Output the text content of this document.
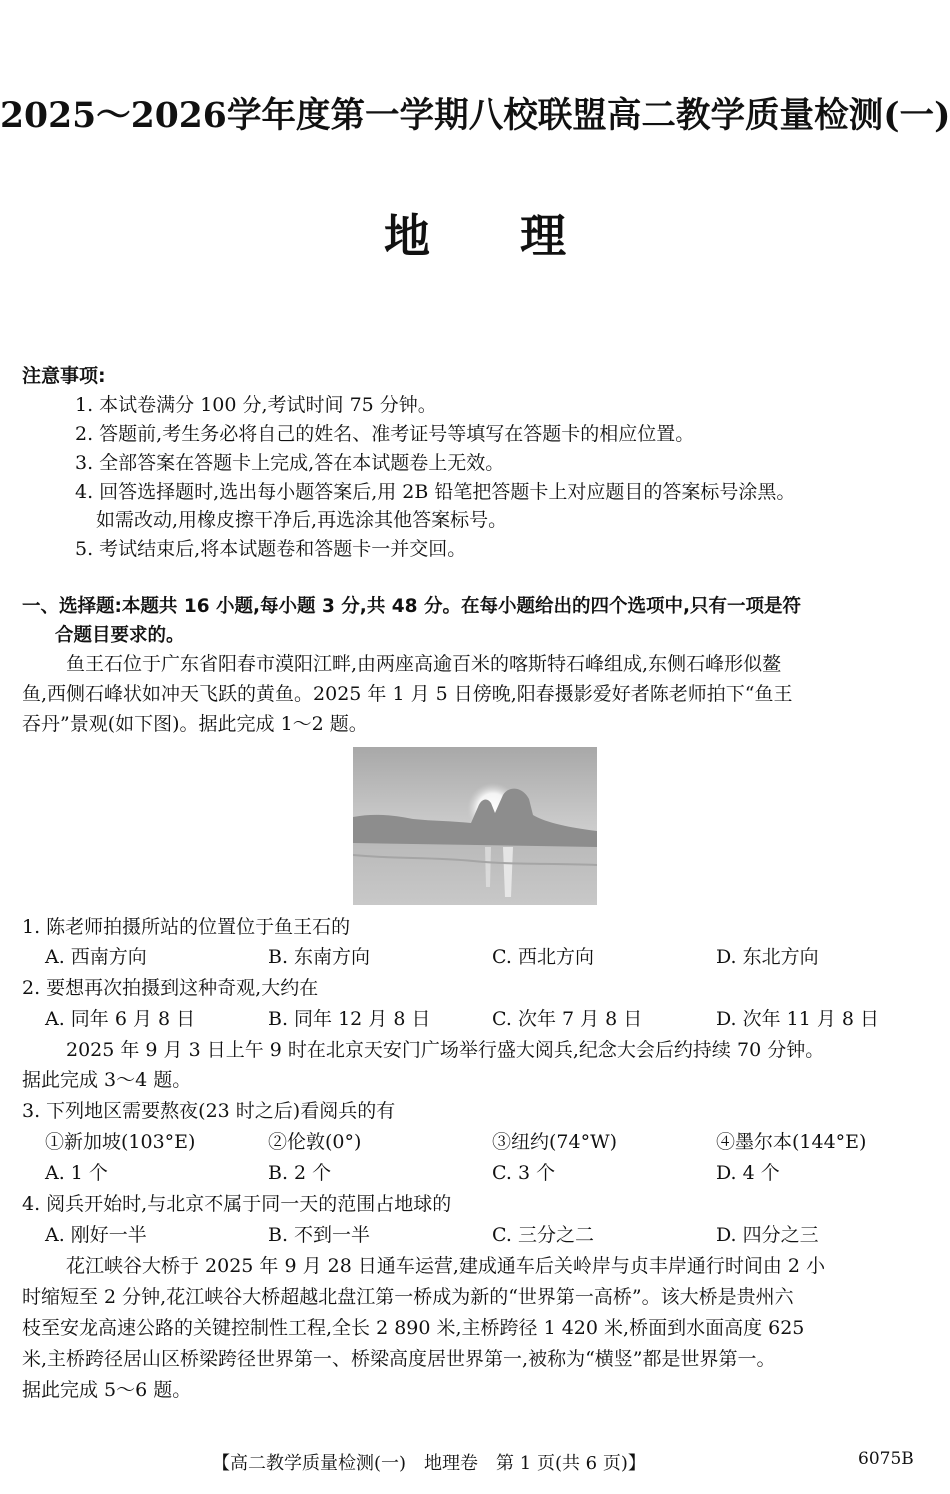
2025～2026学年度第一学期八校联盟高二教学质量检测(一)
地 理
注意事项:
1. 本试卷满分 100 分,考试时间 75 分钟。
2. 答题前,考生务必将自己的姓名、准考证号等填写在答题卡的相应位置。
3. 全部答案在答题卡上完成,答在本试题卷上无效。
4. 回答选择题时,选出每小题答案后,用 2B 铅笔把答题卡上对应题目的答案标号涂黑。
如需改动,用橡皮擦干净后,再选涂其他答案标号。
5. 考试结束后,将本试题卷和答题卡一并交回。
一、选择题:本题共 16 小题,每小题 3 分,共 48 分。在每小题给出的四个选项中,只有一项是符
合题目要求的。
鱼王石位于广东省阳春市漠阳江畔,由两座高逾百米的喀斯特石峰组成,东侧石峰形似鳌
鱼,西侧石峰状如冲天飞跃的黄鱼。2025 年 1 月 5 日傍晚,阳春摄影爱好者陈老师拍下“鱼王
吞丹”景观(如下图)。据此完成 1～2 题。
1. 陈老师拍摄所站的位置位于鱼王石的
A. 西南方向	B. 东南方向	C. 西北方向	D. 东北方向
2. 要想再次拍摄到这种奇观,大约在
A. 同年 6 月 8 日	B. 同年 12 月 8 日	C. 次年 7 月 8 日	D. 次年 11 月 8 日
2025 年 9 月 3 日上午 9 时在北京天安门广场举行盛大阅兵,纪念大会后约持续 70 分钟。
据此完成 3～4 题。
3. 下列地区需要熬夜(23 时之后)看阅兵的有
①新加坡(103°E)	②伦敦(0°)	③纽约(74°W)	④墨尔本(144°E)
A. 1 个	B. 2 个	C. 3 个	D. 4 个
4. 阅兵开始时,与北京不属于同一天的范围占地球的
A. 刚好一半	B. 不到一半	C. 三分之二	D. 四分之三
花江峡谷大桥于 2025 年 9 月 28 日通车运营,建成通车后关岭岸与贞丰岸通行时间由 2 小
时缩短至 2 分钟,花江峡谷大桥超越北盘江第一桥成为新的“世界第一高桥”。该大桥是贵州六
枝至安龙高速公路的关键控制性工程,全长 2 890 米,主桥跨径 1 420 米,桥面到水面高度 625
米,主桥跨径居山区桥梁跨径世界第一、桥梁高度居世界第一,被称为“横竖”都是世界第一。
据此完成 5～6 题。
【高二教学质量检测(一)　地理卷　第 1 页(共 6 页)】	6075B
